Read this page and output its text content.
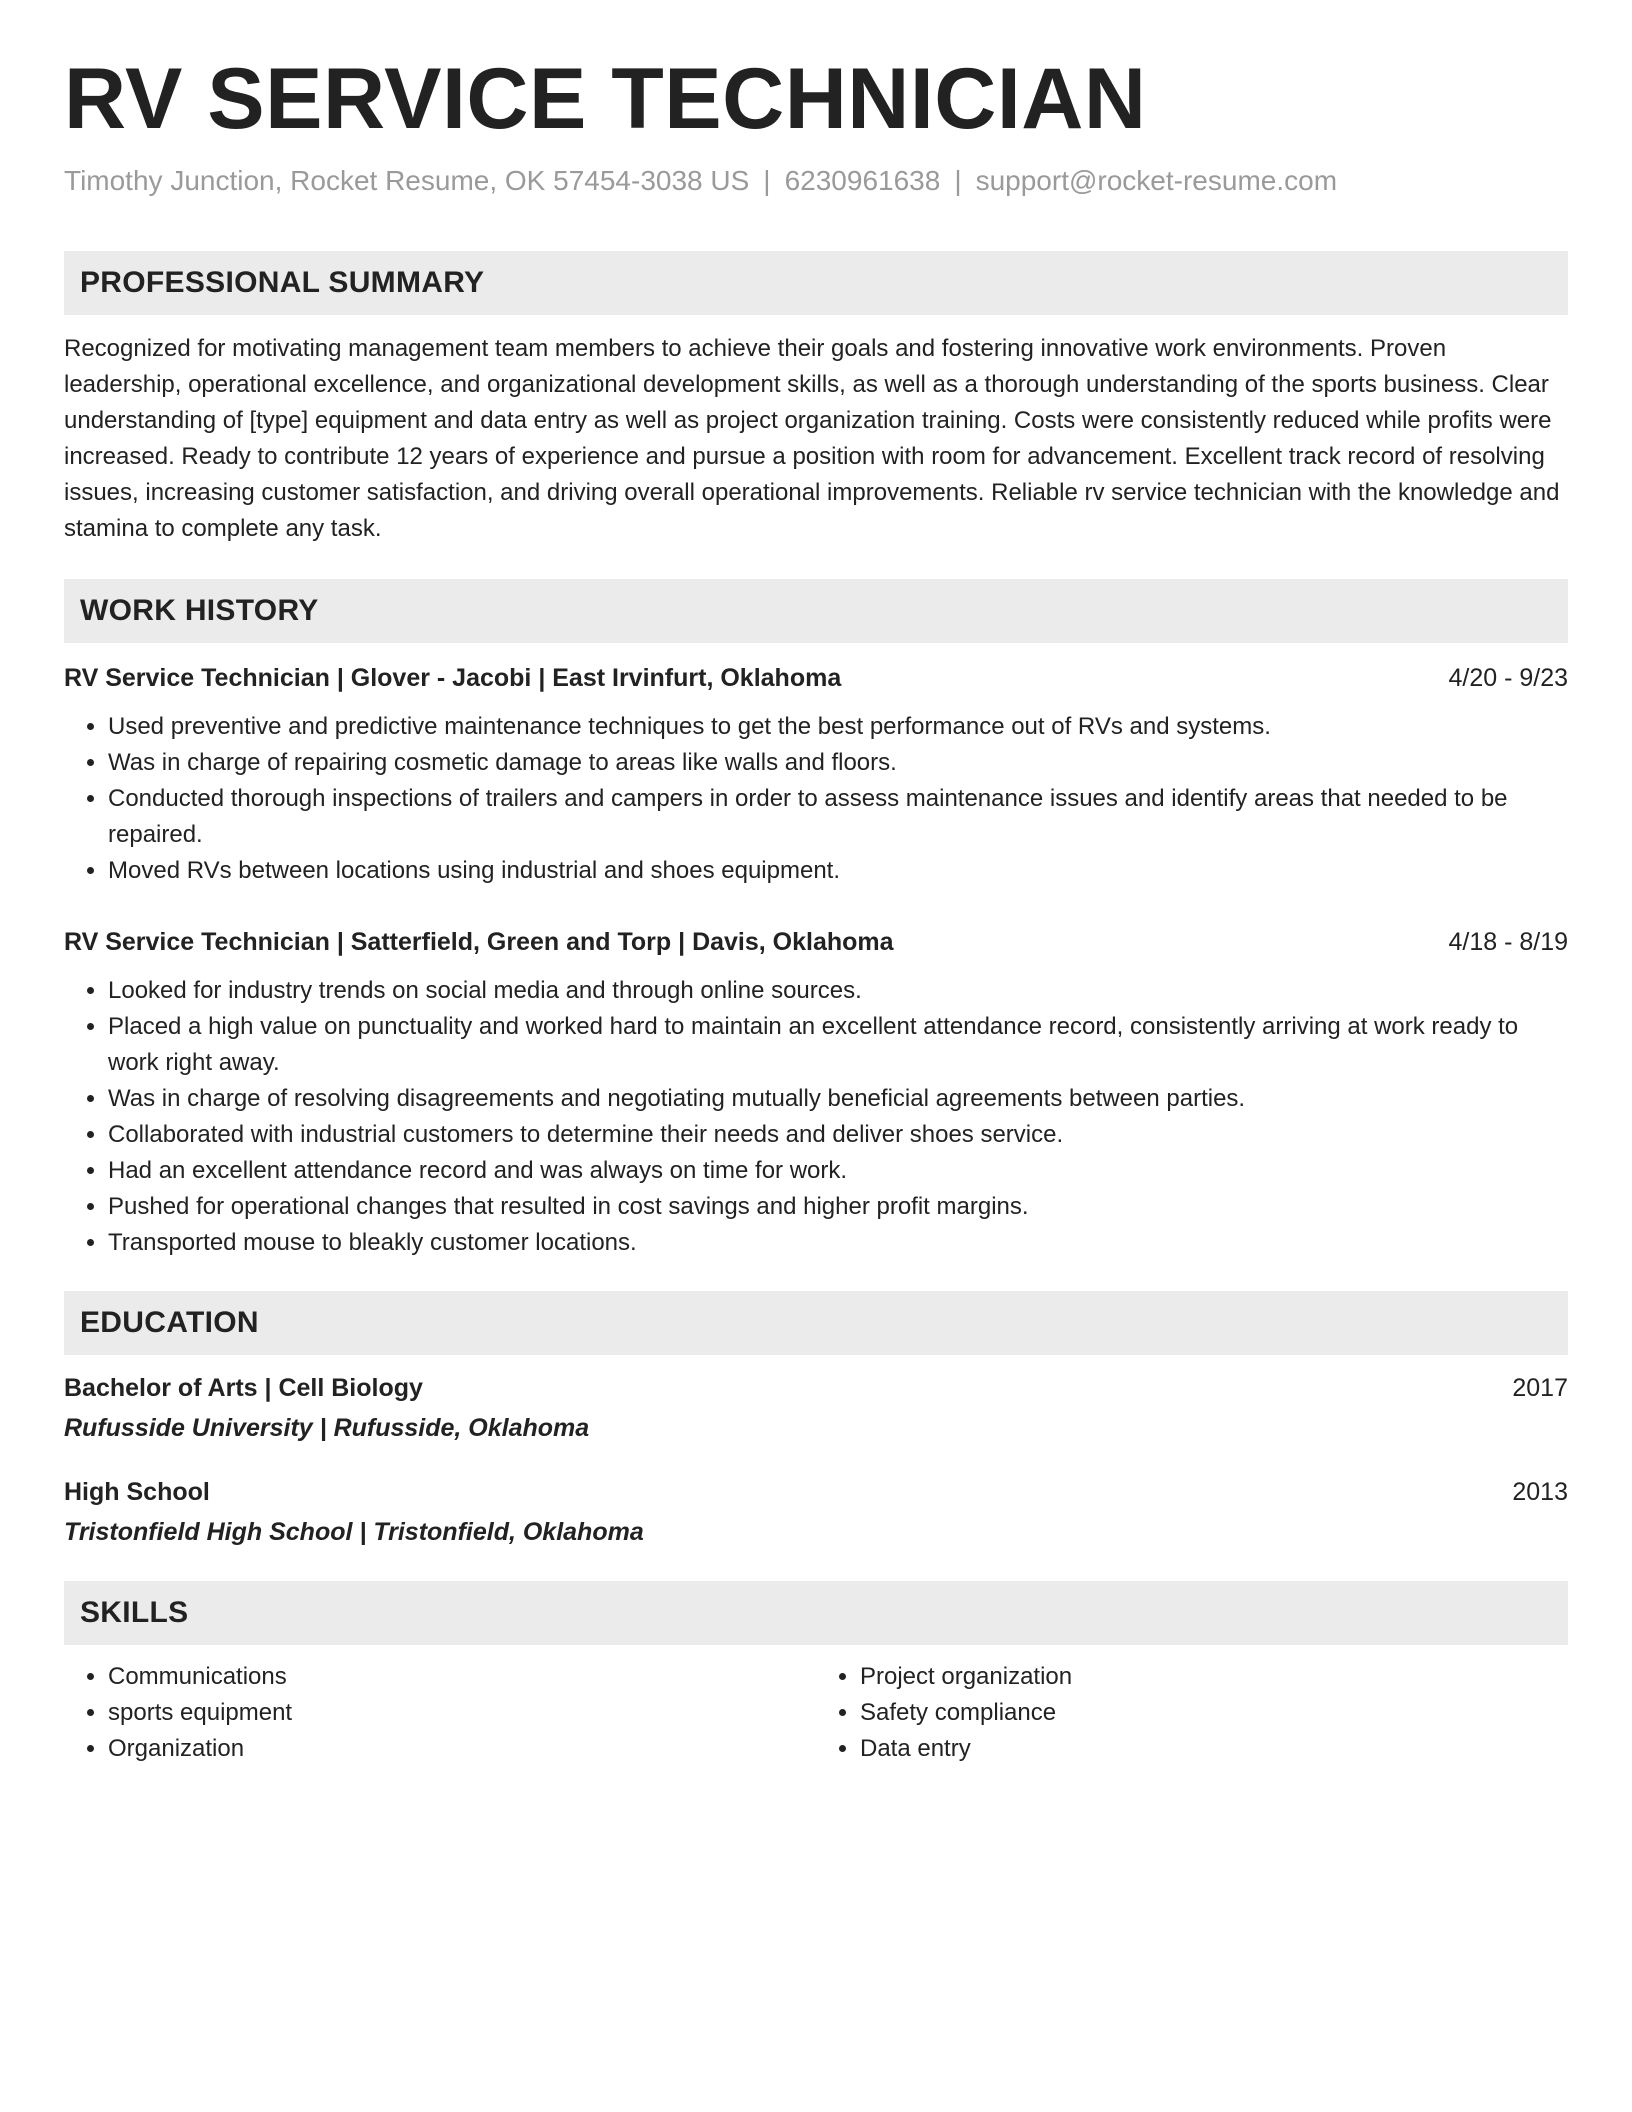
RV SERVICE TECHNICIAN
Timothy Junction, Rocket Resume, OK 57454-3038 US | 6230961638 | support@rocket-resume.com
PROFESSIONAL SUMMARY
Recognized for motivating management team members to achieve their goals and fostering innovative work environments. Proven leadership, operational excellence, and organizational development skills, as well as a thorough understanding of the sports business. Clear understanding of [type] equipment and data entry as well as project organization training. Costs were consistently reduced while profits were increased. Ready to contribute 12 years of experience and pursue a position with room for advancement. Excellent track record of resolving issues, increasing customer satisfaction, and driving overall operational improvements. Reliable rv service technician with the knowledge and stamina to complete any task.
WORK HISTORY
RV Service Technician | Glover - Jacobi | East Irvinfurt, Oklahoma	4/20 - 9/23
• Used preventive and predictive maintenance techniques to get the best performance out of RVs and systems.
• Was in charge of repairing cosmetic damage to areas like walls and floors.
• Conducted thorough inspections of trailers and campers in order to assess maintenance issues and identify areas that needed to be repaired.
• Moved RVs between locations using industrial and shoes equipment.
RV Service Technician | Satterfield, Green and Torp | Davis, Oklahoma	4/18 - 8/19
• Looked for industry trends on social media and through online sources.
• Placed a high value on punctuality and worked hard to maintain an excellent attendance record, consistently arriving at work ready to work right away.
• Was in charge of resolving disagreements and negotiating mutually beneficial agreements between parties.
• Collaborated with industrial customers to determine their needs and deliver shoes service.
• Had an excellent attendance record and was always on time for work.
• Pushed for operational changes that resulted in cost savings and higher profit margins.
• Transported mouse to bleakly customer locations.
EDUCATION
Bachelor of Arts | Cell Biology	2017
Rufusside University | Rufusside, Oklahoma
High School	2013
Tristonfield High School | Tristonfield, Oklahoma
SKILLS
• Communications
• sports equipment
• Organization
• Project organization
• Safety compliance
• Data entry
